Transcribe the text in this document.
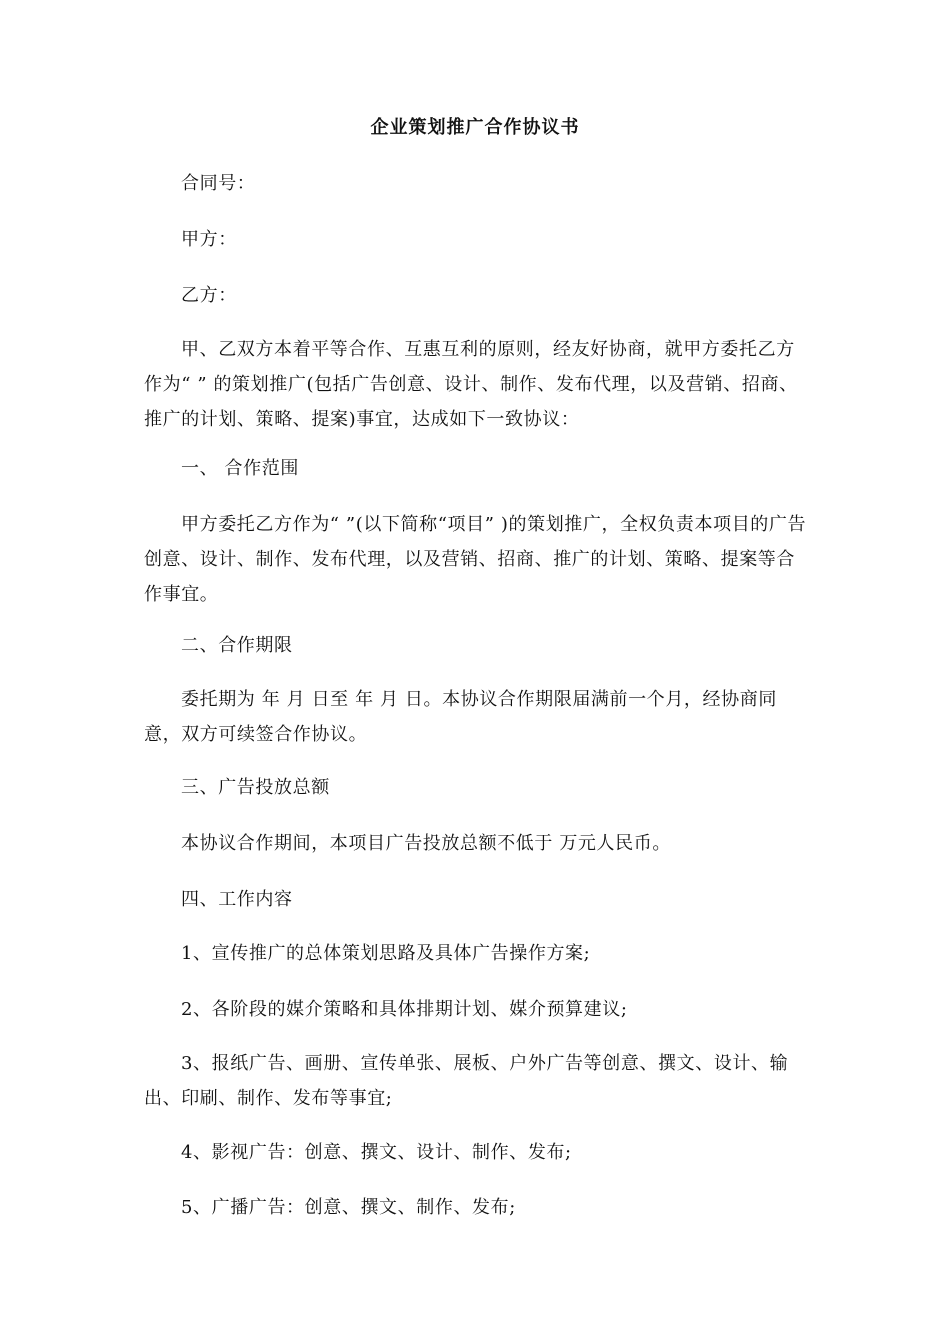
企业策划推广合作协议书

合同号：

甲方：

乙方：

甲、乙双方本着平等合作、互惠互利的原则，经友好协商，就甲方委托乙方作为“ ” 的策划推广(包括广告创意、设计、制作、发布代理，以及营销、招商、推广的计划、策略、提案)事宜，达成如下一致协议：

一、 合作范围

甲方委托乙方作为“ ”(以下简称“项目” )的策划推广，全权负责本项目的广告创意、设计、制作、发布代理，以及营销、招商、推广的计划、策略、提案等合作事宜。

二、合作期限

委托期为 年 月 日至 年 月 日。本协议合作期限届满前一个月，经协商同意，双方可续签合作协议。

三、广告投放总额

本协议合作期间，本项目广告投放总额不低于 万元人民币。

四、工作内容

1、宣传推广的总体策划思路及具体广告操作方案;

2、各阶段的媒介策略和具体排期计划、媒介预算建议;

3、报纸广告、画册、宣传单张、展板、户外广告等创意、撰文、设计、输出、印刷、制作、发布等事宜;

4、影视广告：创意、撰文、设计、制作、发布;

5、广播广告：创意、撰文、制作、发布;
